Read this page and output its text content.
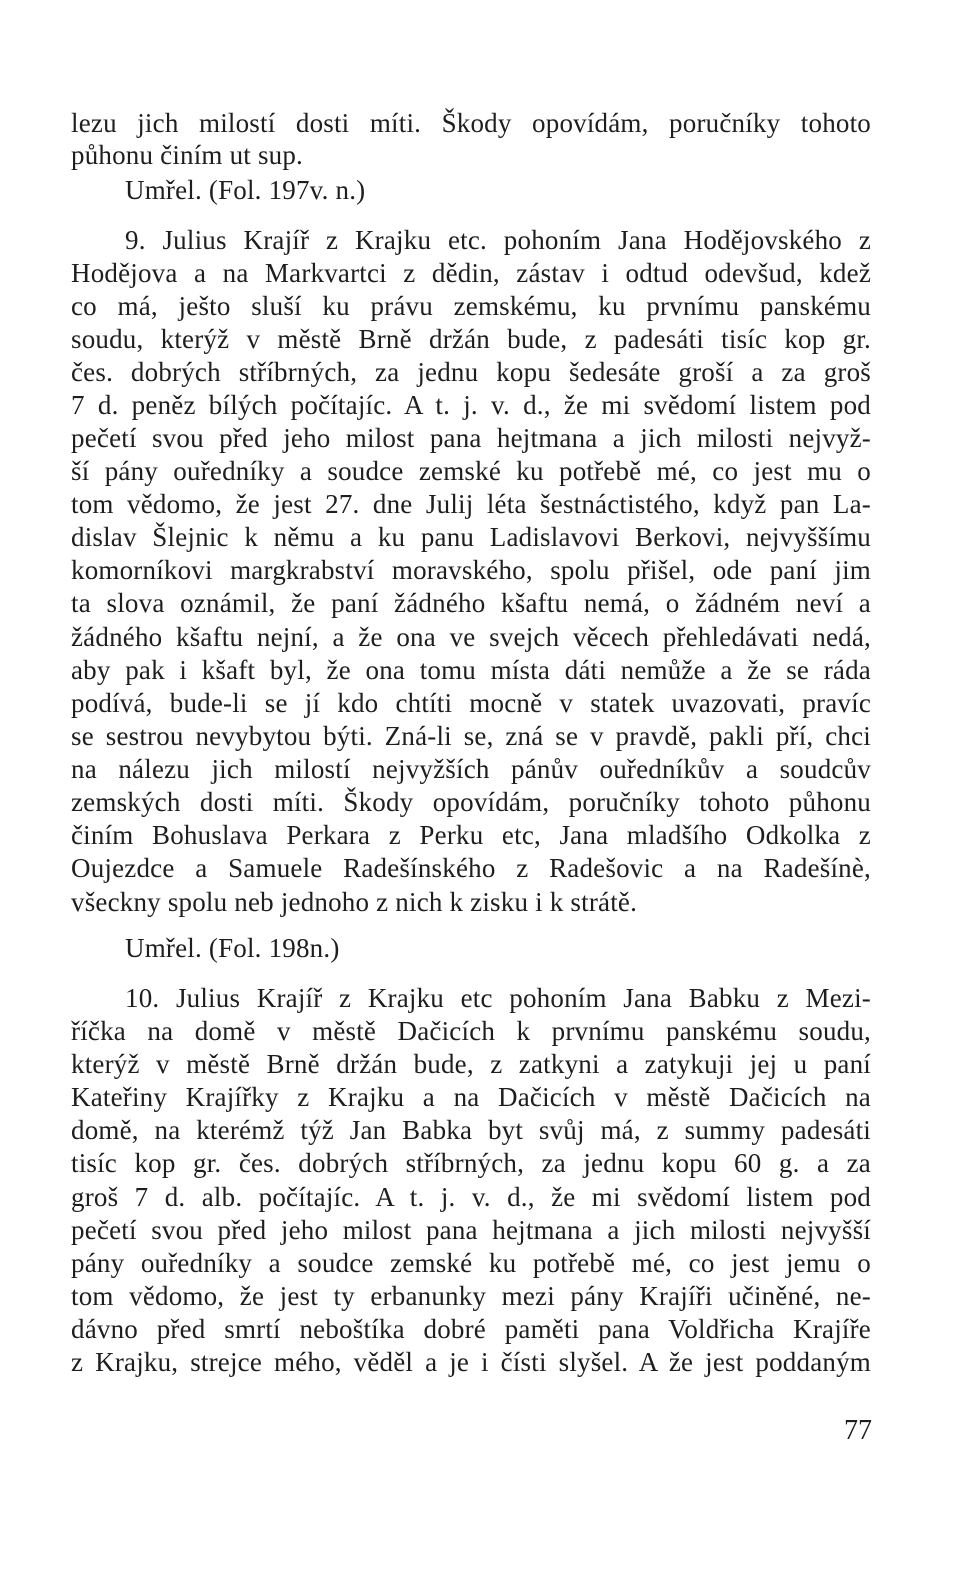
lezu jich milostí dosti míti. Škody opovídám, poručníky tohoto
půhonu činím ut sup.
Umřel. (Fol. 197v. n.)
9. Julius Krajíř z Krajku etc. pohoním Jana Hodějovského z
Hodějova a na Markvartci z dědin, zástav i odtud odevšud, kdež
co má, ješto sluší ku právu zemskému, ku prvnímu panskému
soudu, kterýž v městě Brně držán bude, z padesáti tisíc kop gr.
čes. dobrých stříbrných, za jednu kopu šedesáte groší a za groš
7 d. peněz bílých počítajíc. A t. j. v. d., že mi svědomí listem pod
pečetí svou před jeho milost pana hejtmana a jich milosti nejvyž-
ší pány ouředníky a soudce zemské ku potřebě mé, co jest mu o
tom vědomo, že jest 27. dne Julij léta šestnáctistého, když pan La-
dislav Šlejnic k němu a ku panu Ladislavovi Berkovi, nejvyššímu
komorníkovi margkrabství moravského, spolu přišel, ode paní jim
ta slova oznámil, že paní žádného kšaftu nemá, o žádném neví a
žádného kšaftu nejní, a že ona ve svejch věcech přehledávati nedá,
aby pak i kšaft byl, že ona tomu místa dáti nemůže a že se ráda
podívá, bude-li se jí kdo chtíti mocně v statek uvazovati, pravíc
se sestrou nevybytou býti. Zná-li se, zná se v pravdě, pakli pří, chci
na nálezu jich milostí nejvyžších pánův ouředníkův a soudcův
zemských dosti míti. Škody opovídám, poručníky tohoto půhonu
činím Bohuslava Perkara z Perku etc, Jana mladšího Odkolka z
Oujezdce a Samuele Radešínského z Radešovic a na Radešínè,
všeckny spolu neb jednoho z nich k zisku i k strátě.
Umřel. (Fol. 198n.)
10. Julius Krajíř z Krajku etc pohoním Jana Babku z Mezi-
říčka na domě v městě Dačicích k prvnímu panskému soudu,
kterýž v městě Brně držán bude, z zatkyni a zatykuji jej u paní
Kateřiny Krajířky z Krajku a na Dačicích v městě Dačicích na
domě, na kterémž týž Jan Babka byt svůj má, z summy padesáti
tisíc kop gr. čes. dobrých stříbrných, za jednu kopu 60 g. a za
groš 7 d. alb. počítajíc. A t. j. v. d., že mi svědomí listem pod
pečetí svou před jeho milost pana hejtmana a jich milosti nejvyšší
pány ouředníky a soudce zemské ku potřebě mé, co jest jemu o
tom vědomo, že jest ty erbanunky mezi pány Krajíři učiněné, ne-
dávno před smrtí neboštíka dobré paměti pana Voldřicha Krajíře
z Krajku, strejce mého, věděl a je i čísti slyšel. A že jest poddaným
77
